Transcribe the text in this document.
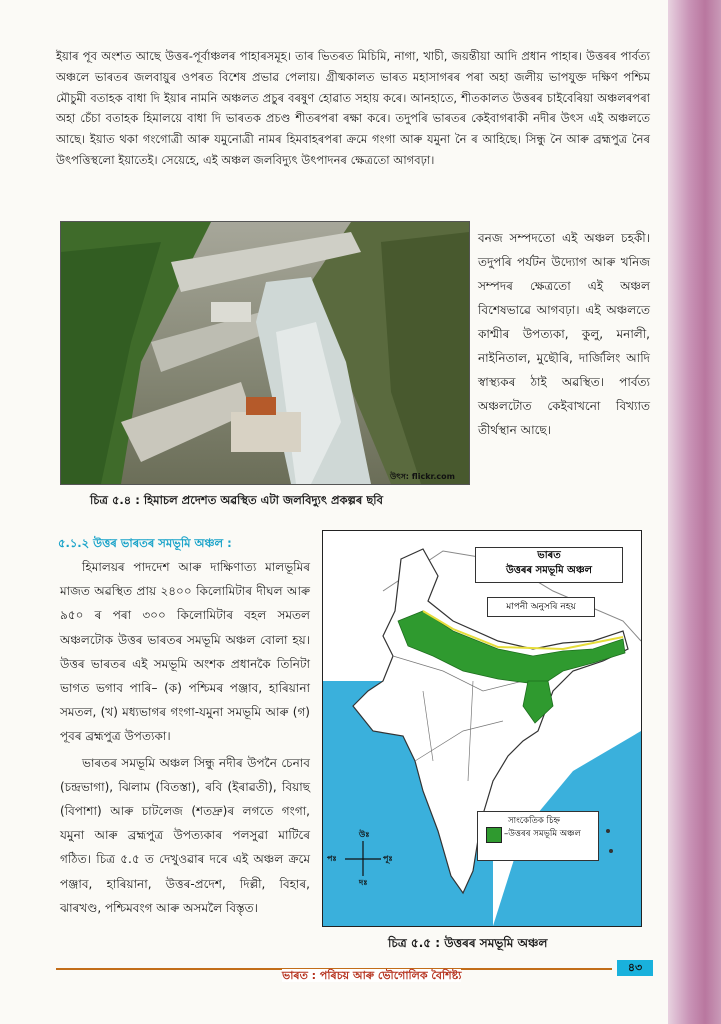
ইয়াৰ পূব অংশত আছে উত্তৰ-পূৰ্বাঞ্চলৰ পাহাৰসমূহ। তাৰ ভিতৰত মিচিমি, নাগা, খাচী, জয়ন্তীয়া আদি প্ৰধান পাহাৰ। উত্তৰৰ পাৰ্বত্য অঞ্চলে ভাৰতৰ জলবায়ুৰ ওপৰত বিশেষ প্ৰভাৱ পেলায়। গ্ৰীষ্মকালত ভাৰত মহাসাগৰৰ পৰা অহা জলীয় ভাপযুক্ত দক্ষিণ পশ্চিম মৌচুমী বতাহক বাধা দি ইয়াৰ নামনি অঞ্চলত প্ৰচুৰ বৰষুণ হোৱাত সহায় কৰে। আনহাতে, শীতকালত উত্তৰৰ চাইবেৰিয়া অঞ্চলৰপৰা অহা চেঁচা বতাহক হিমালয়ে বাধা দি ভাৰতক প্ৰচণ্ড শীতৰপৰা ৰক্ষা কৰে। তদুপৰি ভাৰতৰ কেইবাগৰাকী নদীৰ উৎস এই অঞ্চলতে আছে। ইয়াত থকা গংগোত্ৰী আৰু যমুনোত্ৰী নামৰ হিমবাহৰপৰা ক্ৰমে গংগা আৰু যমুনা নৈ ৰ আহিছে। সিন্ধু নৈ আৰু ব্ৰহ্মপুত্ৰ নৈৰ উৎপত্তিস্থলো ইয়াতেই। সেয়েহে, এই অঞ্চল জলবিদ্যুৎ উৎপাদনৰ ক্ষেত্ৰতো আগবঢ়া।
উৎস: flickr.com
চিত্ৰ ৫.৪ : হিমাচল প্ৰদেশত অৱস্থিত এটা জলবিদ্যুৎ প্ৰকল্পৰ ছবি
বনজ সম্পদতো এই অঞ্চল চহকী। তদুপৰি পৰ্যটন উদ্যোগ আৰু খনিজ সম্পদৰ ক্ষেত্ৰতো এই অঞ্চল বিশেষভাৱে আগবঢ়া। এই অঞ্চলতে কাশ্মীৰ উপত্যকা, কুলু, মনালী, নাইনিতাল, মুছৌৰি, দাৰ্জিলিং আদি স্বাস্থ্যকৰ ঠাই অৱস্থিত। পাৰ্বত্য অঞ্চলটোত কেইবাখনো বিখ্যাত তীৰ্থস্থান আছে।
৫.১.২ উত্তৰ ভাৰতৰ সমভূমি অঞ্চল :

হিমালয়ৰ পাদদেশ আৰু দাক্ষিণাত্য মালভূমিৰ মাজত অৱস্থিত প্ৰায় ২৪০০ কিলোমিটাৰ দীঘল আৰু ৯৫০ ৰ পৰা ৩০০ কিলোমিটাৰ বহল সমতল অঞ্চলটোক উত্তৰ ভাৰতৰ সমভূমি অঞ্চল বোলা হয়। উত্তৰ ভাৰতৰ এই সমভূমি অংশক প্ৰধানকৈ তিনিটা ভাগত ভগাব পাৰি– (ক) পশ্চিমৰ পঞ্জাব, হাৰিয়ানা সমতল, (খ) মধ্যভাগৰ গংগা-যমুনা সমভূমি আৰু (গ) পূবৰ ব্ৰহ্মপুত্ৰ উপত্যকা।

ভাৰতৰ সমভূমি অঞ্চল সিন্ধু নদীৰ উপনৈ চেনাব (চন্দ্ৰভাগা), ঝিলাম (বিতস্তা), ৰবি (ইৰাৱতী), বিয়াছ (বিপাশা) আৰু চাটলেজ (শতদ্ৰু)ৰ লগতে গংগা, যমুনা আৰু ব্ৰহ্মপুত্ৰ উপত্যকাৰ পলসুৱা মাটিৰে গঠিত। চিত্ৰ ৫.৫ ত দেখুওৱাৰ দৰে এই অঞ্চল ক্ৰমে পঞ্জাব, হাৰিয়ানা, উত্তৰ-প্ৰদেশ, দিল্লী, বিহাৰ, ঝাৰখণ্ড, পশ্চিমবংগ আৰু অসমলৈ বিস্তৃত।

ভাৰত
উত্তৰৰ সমভূমি অঞ্চল
মাপনী অনুসৰি নহয়
সাংকেতিক চিহ্ন
–উত্তৰৰ সমভূমি অঞ্চল
উঃ
দঃ
পূঃ
পঃ
চিত্ৰ ৫.৫ : উত্তৰৰ সমভূমি অঞ্চল
ভাৰত : পৰিচয় আৰু ভৌগোলিক বৈশিষ্ট্য
৪৩
